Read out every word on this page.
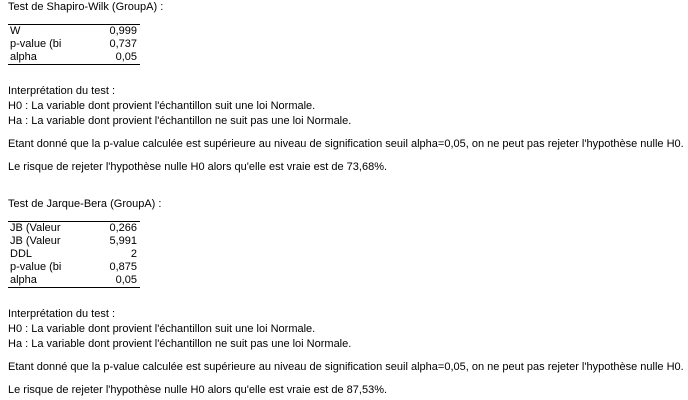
Test de Shapiro-Wilk (GroupA) :
W	0,999
p-value (bi	0,737
alpha	0,05
Interprétation du test :
H0 : La variable dont provient l'échantillon suit une loi Normale.
Ha : La variable dont provient l'échantillon ne suit pas une loi Normale.
Etant donné que la p-value calculée est supérieure au niveau de signification seuil alpha=0,05, on ne peut pas rejeter l'hypothèse nulle H0.
Le risque de rejeter l'hypothèse nulle H0 alors qu'elle est vraie est de 73,68%.
Test de Jarque-Bera (GroupA) :
JB (Valeur	0,266
JB (Valeur	5,991
DDL	2
p-value (bi	0,875
alpha	0,05
Interprétation du test :
H0 : La variable dont provient l'échantillon suit une loi Normale.
Ha : La variable dont provient l'échantillon ne suit pas une loi Normale.
Etant donné que la p-value calculée est supérieure au niveau de signification seuil alpha=0,05, on ne peut pas rejeter l'hypothèse nulle H0.
Le risque de rejeter l'hypothèse nulle H0 alors qu'elle est vraie est de 87,53%.
